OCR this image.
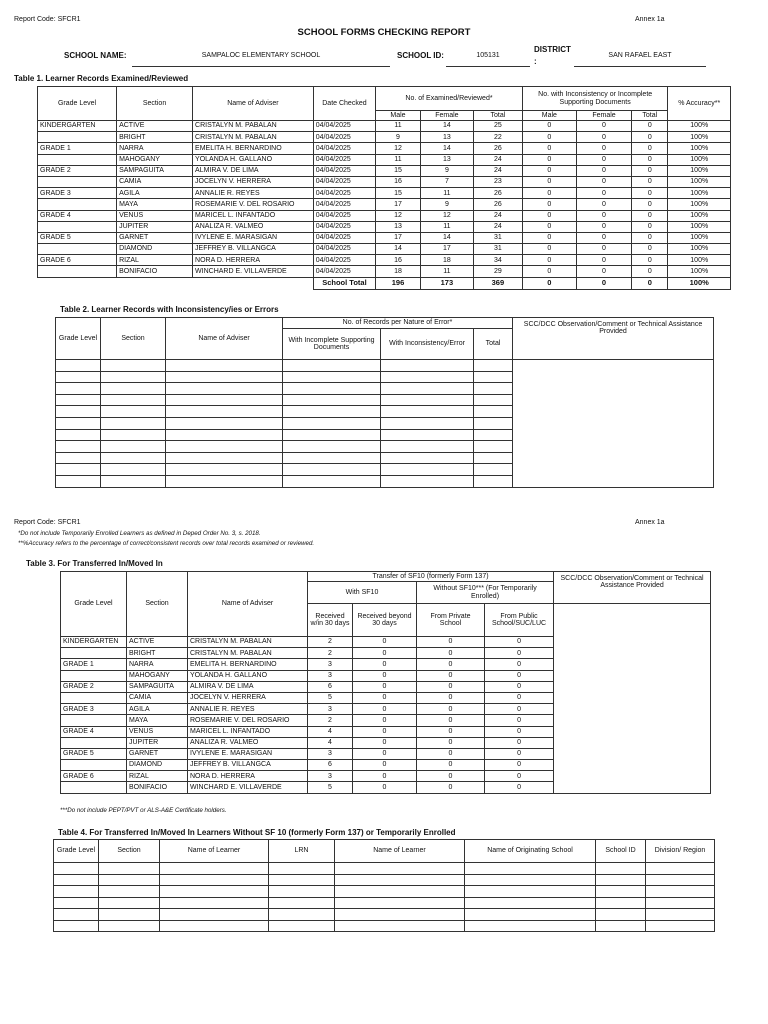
Report Code: SFCR1	Annex 1a
SCHOOL FORMS CHECKING REPORT
SCHOOL NAME:	SAMPALOC ELEMENTARY SCHOOL	SCHOOL ID:	105131
DISTRICT
:
SAN RAFAEL EAST
Table 1. Learner Records Examined/Reviewed
Grade Level	Section	Name of Adviser	Date Checked	No. of Examined/Reviewed*			No. with Inconsistency or Incomplete Supporting Documents			% Accuracy**
				Male	Female	Total	Male	Female	Total	
KINDERGARTEN	ACTIVE	CRISTALYN M. PABALAN	04/04/2025	11	14	25	0	0	0	100%
	BRIGHT	CRISTALYN M. PABALAN	04/04/2025	9	13	22	0	0	0	100%
GRADE 1	NARRA	EMELITA H. BERNARDINO	04/04/2025	12	14	26	0	0	0	100%
	MAHOGANY	YOLANDA H. GALLANO	04/04/2025	11	13	24	0	0	0	100%
GRADE 2	SAMPAGUITA	ALMIRA V. DE LIMA	04/04/2025	15	9	24	0	0	0	100%
	CAMIA	JOCELYN V. HERRERA	04/04/2025	16	7	23	0	0	0	100%
GRADE 3	AGILA	ANNALIE R. REYES	04/04/2025	15	11	26	0	0	0	100%
	MAYA	ROSEMARIE V. DEL ROSARIO	04/04/2025	17	9	26	0	0	0	100%
GRADE 4	VENUS	MARICEL L. INFANTADO	04/04/2025	12	12	24	0	0	0	100%
	JUPITER	ANALIZA R. VALMEO	04/04/2025	13	11	24	0	0	0	100%
GRADE 5	GARNET	IVYLENE E. MARASIGAN	04/04/2025	17	14	31	0	0	0	100%
	DIAMOND	JEFFREY B. VILLANGCA	04/04/2025	14	17	31	0	0	0	100%
GRADE 6	RIZAL	NORA D. HERRERA	04/04/2025	16	18	34	0	0	0	100%
	BONIFACIO	WINCHARD E. VILLAVERDE	04/04/2025	18	11	29	0	0	0	100%
			School Total	196	173	369	0	0	0	100%
Table 2. Learner Records with Inconsistency/ies or Errors
Grade Level	Section	Name of Adviser	No. of Records per Nature of Error*			SCC/DCC Observation/Comment or Technical Assistance Provided
			With Incomplete Supporting Documents	With Inconsistency/Error	Total	

Report Code: SFCR1	Annex 1a
*Do not include Temporarily Enrolled Learners as defined in Deped Order No. 3, s. 2018.
**%Accuracy refers to the percentage of correct/consistent records over total records examined or reviewed.
Table 3. For Transferred In/Moved In
Grade Level	Section	Name of Adviser	Transfer of SF10 (formerly Form 137)				SCC/DCC Observation/Comment or Technical Assistance Provided
			With SF10		Without SF10*** (For Temporarily Enrolled)		
			Received w/in 30 days	Received beyond 30 days	From Private School	From Public School/SUC/LUC	
KINDERGARTEN	ACTIVE	CRISTALYN M. PABALAN	2	0	0	0	
	BRIGHT	CRISTALYN M. PABALAN	2	0	0	0	
GRADE 1	NARRA	EMELITA H. BERNARDINO	3	0	0	0	
	MAHOGANY	YOLANDA H. GALLANO	3	0	0	0	
GRADE 2	SAMPAGUITA	ALMIRA V. DE LIMA	6	0	0	0	
	CAMIA	JOCELYN V. HERRERA	5	0	0	0	
GRADE 3	AGILA	ANNALIE R. REYES	3	0	0	0	
	MAYA	ROSEMARIE V. DEL ROSARIO	2	0	0	0	
GRADE 4	VENUS	MARICEL L. INFANTADO	4	0	0	0	
	JUPITER	ANALIZA R. VALMEO	4	0	0	0	
GRADE 5	GARNET	IVYLENE E. MARASIGAN	3	0	0	0	
	DIAMOND	JEFFREY B. VILLANGCA	6	0	0	0	
GRADE 6	RIZAL	NORA D. HERRERA	3	0	0	0	
	BONIFACIO	WINCHARD E. VILLAVERDE	5	0	0	0	
***Do not include PEPT/PVT or ALS-A&E Certificate holders.
Table 4. For Transferred In/Moved In Learners Without SF 10 (formerly Form 137) or Temporarily Enrolled
Grade Level	Section	Name of Learner	LRN	Name of Learner	Name of Originating School	School ID	Division/ Region
